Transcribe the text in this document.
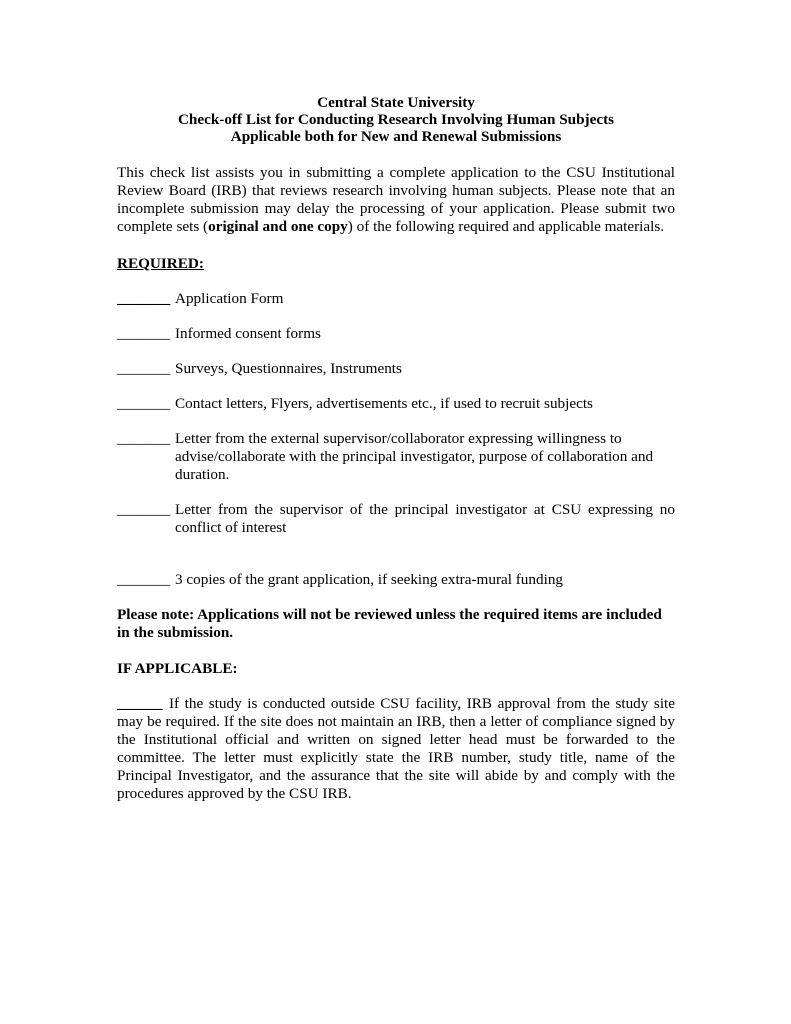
Central State University
Check-off List for Conducting Research Involving Human Subjects
Applicable both for New and Renewal Submissions
This check list assists you in submitting a complete application to the CSU Institutional Review Board (IRB) that reviews research involving human subjects. Please note that an incomplete submission may delay the processing of your application. Please submit two complete sets (original and one copy) of the following required and applicable materials.
REQUIRED:
_______ Application Form
_______ Informed consent forms
_______ Surveys, Questionnaires, Instruments
_______ Contact letters, Flyers, advertisements etc., if used to recruit subjects
_______ Letter from the external supervisor/collaborator expressing willingness to advise/collaborate with the principal investigator, purpose of collaboration and duration.
_______ Letter from the supervisor of the principal investigator at CSU expressing no conflict of interest
_______ 3 copies of the grant application, if seeking extra-mural funding
Please note: Applications will not be reviewed unless the required items are included in the submission.
IF APPLICABLE:
______ If the study is conducted outside CSU facility, IRB approval from the study site may be required. If the site does not maintain an IRB, then a letter of compliance signed by the Institutional official and written on signed letter head must be forwarded to the committee. The letter must explicitly state the IRB number, study title, name of the Principal Investigator, and the assurance that the site will abide by and comply with the procedures approved by the CSU IRB.
